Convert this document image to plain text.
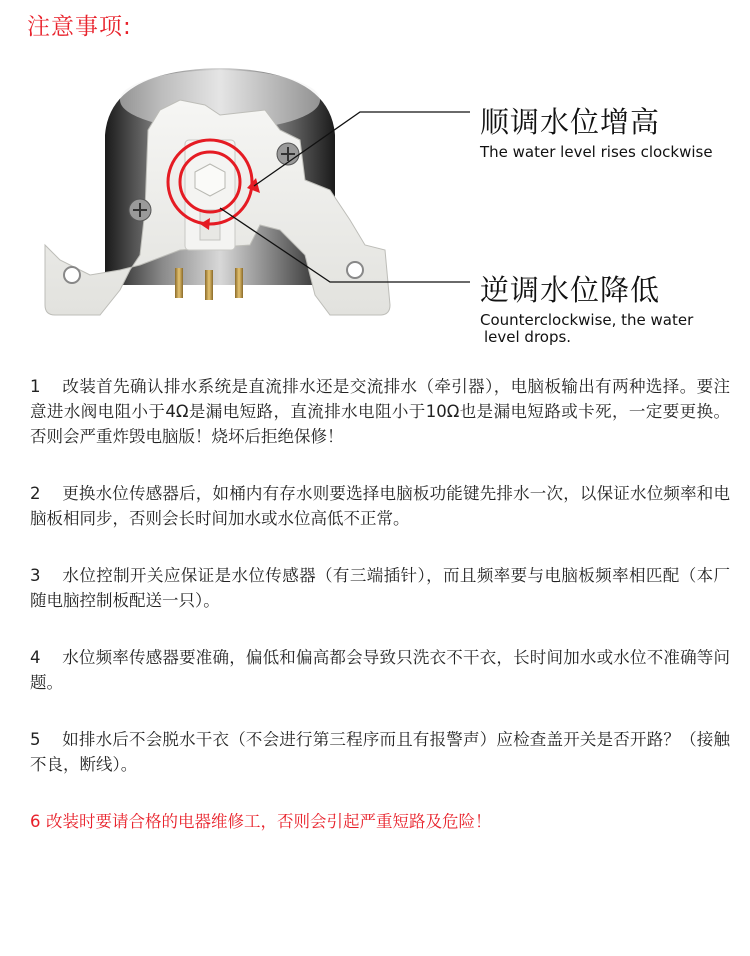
注意事项:
顺调水位增高
The water level rises clockwise
逆调水位降低
Counterclockwise, the water
level drops.

1 改装首先确认排水系统是直流排水还是交流排水（牵引器），电脑板输出有两种选择。要注意进水阀电阻小于4Ω是漏电短路，直流排水电阻小于10Ω也是漏电短路或卡死，一定要更换。否则会严重炸毁电脑版！烧坏后拒绝保修！

2 更换水位传感器后，如桶内有存水则要选择电脑板功能键先排水一次，以保证水位频率和电脑板相同步，否则会长时间加水或水位高低不正常。

3 水位控制开关应保证是水位传感器（有三端插针），而且频率要与电脑板频率相匹配（本厂随电脑控制板配送一只）。

4 水位频率传感器要准确，偏低和偏高都会导致只洗衣不干衣，长时间加水或水位不准确等问题。

5 如排水后不会脱水干衣（不会进行第三程序而且有报警声）应检查盖开关是否开路？（接触不良，断线）。

6 改装时要请合格的电器维修工，否则会引起严重短路及危险！
